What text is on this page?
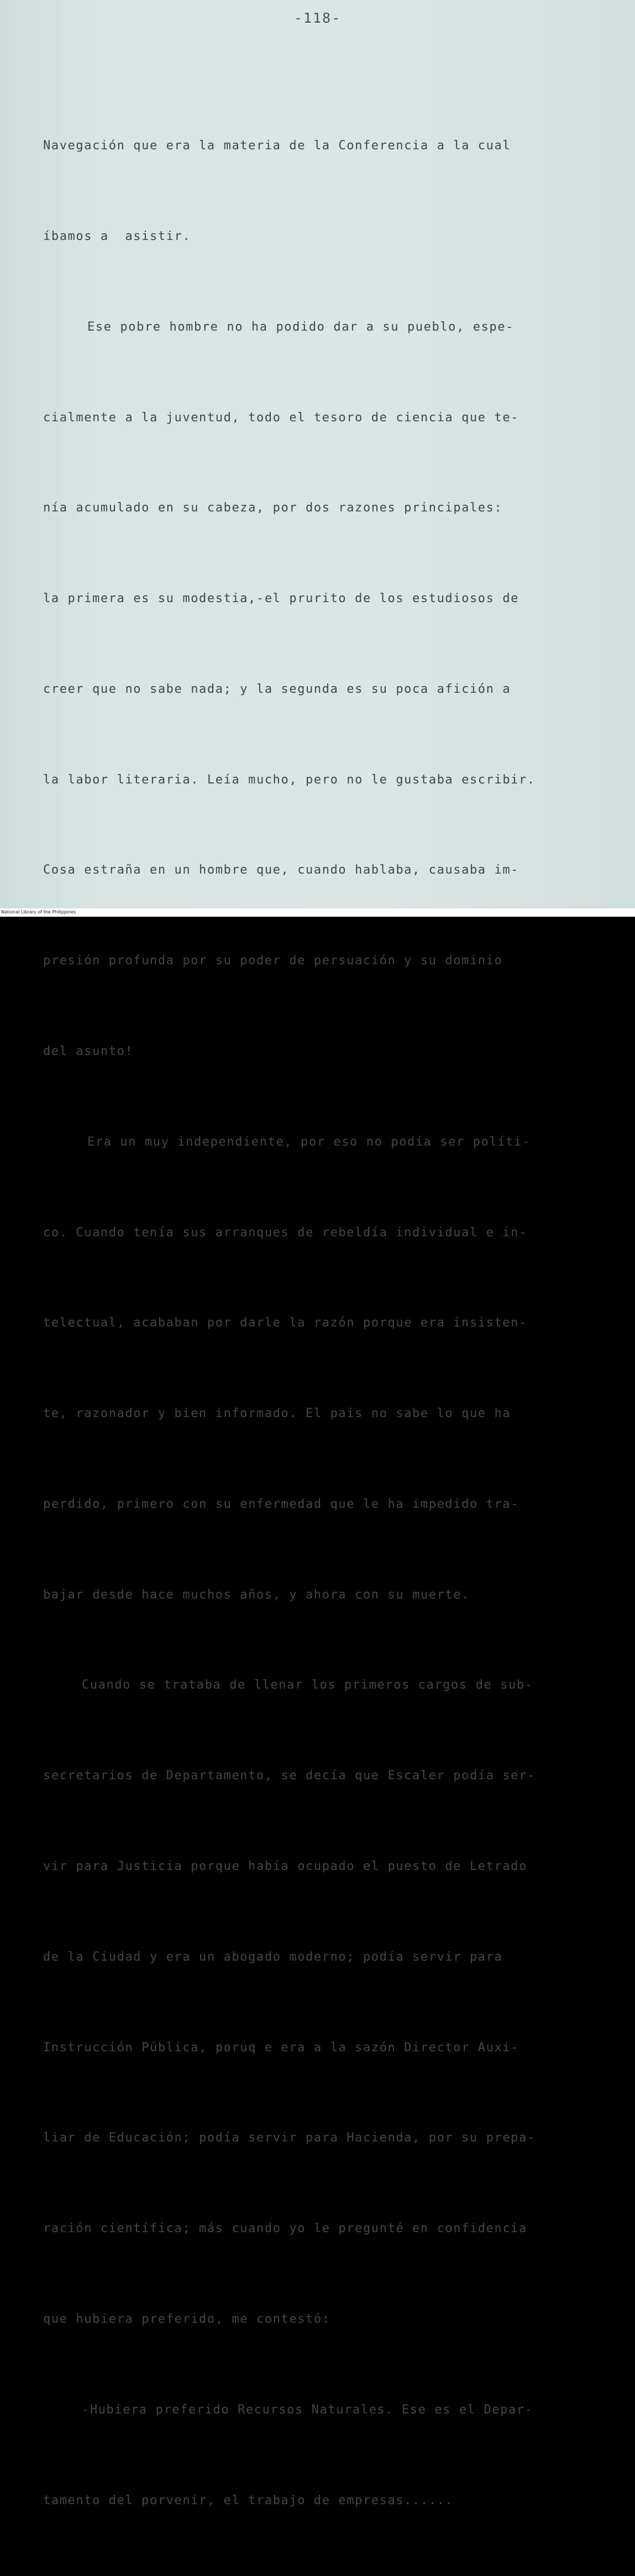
-118-

Navegación que era la materia de la Conferencia a la cual

íbamos a  asistir.

Ese pobre hombre no ha podido dar a su pueblo, espe-

cialmente a la juventud, todo el tesoro de ciencia que te-

nía acumulado en su cabeza, por dos razones principales:

la primera es su modestia,-el prurito de los estudiosos de

creer que no sabe nada; y la segunda es su poca afición a

la labor literaria. Leía mucho, pero no le gustaba escribir.

Cosa estraña en un hombre que, cuando hablaba, causaba im-

presión profunda por su poder de persuación y su dominio

del asunto!

Era un muy independiente, por eso no podía ser políti-

co. Cuando tenía sus arranques de rebeldía individual e in-

telectual, acababan por darle la razón porque era insisten-

te, razonador y bien informado. El pais no sabe lo que ha

perdido, primero con su enfermedad que le ha impedido tra-

bajar desde hace muchos años, y ahora con su muerte.

Cuando se trataba de llenar los primeros cargos de sub-

secretarios de Departamento, se decía que Escaler podía ser-

vir para Justicia porque había ocupado el puesto de Letrado

de la Ciudad y era un abogado moderno; podía servir para

Instrucción Pública, poruq e era a la sazón Director Auxi-

liar de Educación; podía servir para Hacienda, por su prepa-

ración científica; más cuando yo le pregunté en confidencia

que hubiera preferido, me contestó:

-Hubiera preferido Recursos Naturales. Ese es el Depar-

tamento del porvenir, el trabajo de empresas......

National Library of the Philippines
